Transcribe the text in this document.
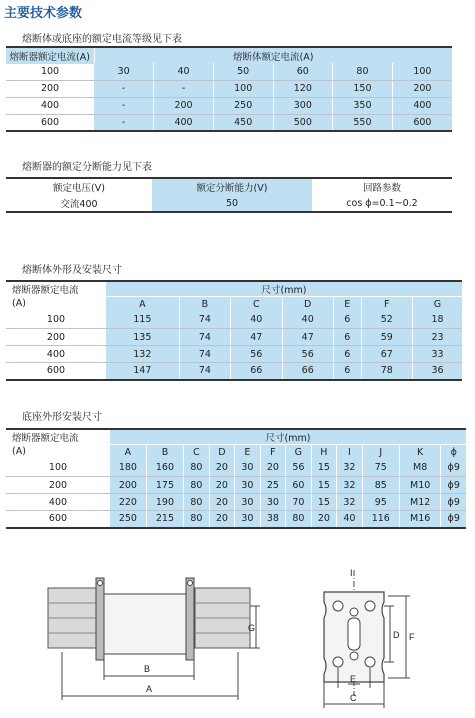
主要技术参数
熔断体或底座的额定电流等级见下表
熔断器额定电流(A)	熔断体额定电流(A)
100	30	40	50	60	80	100
200	-	-	100	120	150	200
400	-	200	250	300	350	400
600	-	400	450	500	550	600
熔断器的额定分断能力见下表
额定电压(V)	额定分断能力(V)	回路参数
交流400	50	cos ϕ=0.1~0.2
熔断体外形及安装尺寸
熔断器额定电流
(A)	尺寸(mm)						
	A	B	C	D	E	F	G
100	115	74	40	40	6	52	18
200	135	74	47	47	6	59	23
400	132	74	56	56	6	67	33
600	147	74	66	66	6	78	36
底座外形安装尺寸
熔断器额定电流
(A)	尺寸(mm)											
	A	B	C	D	E	F	G	H	I	J	K	ϕ
100	180	160	80	20	30	20	56	15	32	75	M8	ϕ9
200	200	175	80	20	30	25	60	15	32	85	M10	ϕ9
400	220	190	80	20	30	30	70	15	32	95	M12	ϕ9
600	250	215	80	20	30	38	80	20	40	116	M16	ϕ9
G
B
A
I
D F
E
C
